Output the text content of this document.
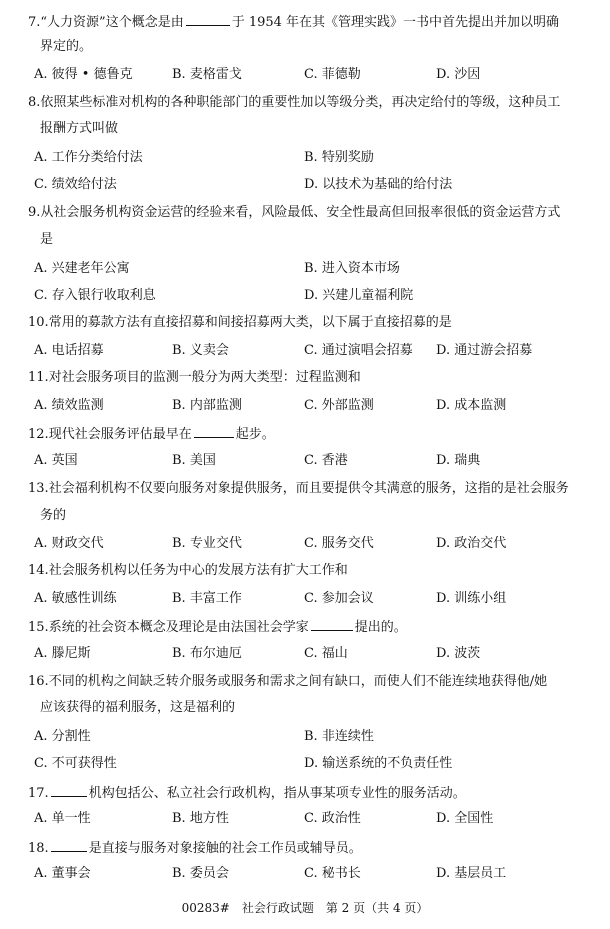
7.“人力资源”这个概念是由	于 1954 年在其《管理实践》一书中首先提出并加以明确
界定的。
A. 彼得 • 德鲁克	B. 麦格雷戈	C. 菲德勒	D. 沙因
8.依照某些标准对机构的各种职能部门的重要性加以等级分类，再决定给付的等级，这种员工
报酬方式叫做
A. 工作分类给付法	B. 特别奖励
C. 绩效给付法	D. 以技术为基础的给付法
9.从社会服务机构资金运营的经验来看，风险最低、安全性最高但回报率很低的资金运营方式
是
A. 兴建老年公寓	B. 进入资本市场
C. 存入银行收取利息	D. 兴建儿童福利院
10.常用的募款方法有直接招募和间接招募两大类，以下属于直接招募的是
A. 电话招募	B. 义卖会	C. 通过演唱会招募 D. 通过游会招募
11.对社会服务项目的监测一般分为两大类型：过程监测和
A. 绩效监测	B. 内部监测	C. 外部监测	D. 成本监测
12.现代社会服务评估最早在	起步。
A. 英国	B. 美国	C. 香港	D. 瑞典
13.社会福利机构不仅要向服务对象提供服务，而且要提供令其满意的服务，这指的是社会服务
务的
A. 财政交代	B. 专业交代	C. 服务交代	D. 政治交代
14.社会服务机构以任务为中心的发展方法有扩大工作和
A. 敏感性训练	B. 丰富工作	C. 参加会议	D. 训练小组
15.系统的社会资本概念及理论是由法国社会学家	提出的。
A. 滕尼斯	B. 布尔迪厄	C. 福山	D. 波茨
16.不同的机构之间缺乏转介服务或服务和需求之间有缺口，而使人们不能连续地获得他/她
应该获得的福利服务，这是福利的
A. 分割性	B. 非连续性
C. 不可获得性	D. 输送系统的不负责任性
17.	机构包括公、私立社会行政机构，指从事某项专业性的服务活动。
A. 单一性	B. 地方性	C. 政治性	D. 全国性
18.	是直接与服务对象接触的社会工作员或辅导员。
A. 董事会	B. 委员会	C. 秘书长	D. 基层员工
00283# 社会行政试题 第 2 页（共 4 页）
